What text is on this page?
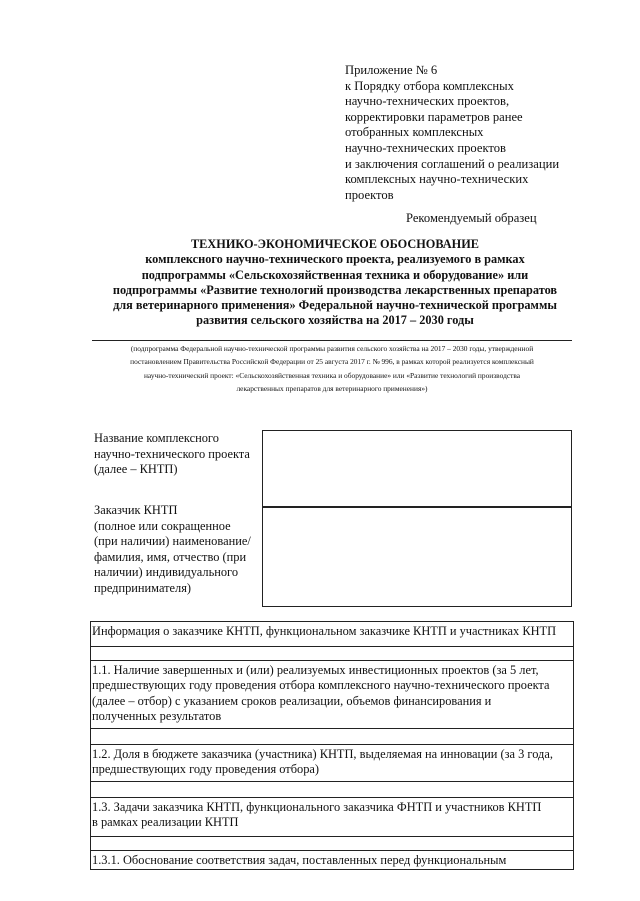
Приложение № 6
к Порядку отбора комплексных
научно-технических проектов,
корректировки параметров ранее
отобранных комплексных
научно-технических проектов
и заключения соглашений о реализации
комплексных научно-технических
проектов
Рекомендуемый образец
ТЕХНИКО-ЭКОНОМИЧЕСКОЕ ОБОСНОВАНИЕ
комплексного научно-технического проекта, реализуемого в рамках
подпрограммы «Сельскохозяйственная техника и оборудование» или
подпрограммы «Развитие технологий производства лекарственных препаратов
для ветеринарного применения» Федеральной научно-технической программы
развития сельского хозяйства на 2017 – 2030 годы
(подпрограмма Федеральной научно-технической программы развития сельского хозяйства на 2017 – 2030 годы, утвержденной
постановлением Правительства Российской Федерации от 25 августа 2017 г. № 996, в рамках которой реализуется комплексный
научно-технический проект: «Сельскохозяйственная техника и оборудование» или «Развитие технологий производства
лекарственных препаратов для ветеринарного применения»)
Название комплексного
научно-технического проекта
(далее – КНТП)
Заказчик КНТП
(полное или сокращенное
(при наличии) наименование/
фамилия, имя, отчество (при
наличии) индивидуального
предпринимателя)
Информация о заказчике КНТП, функциональном заказчике КНТП и участниках КНТП
1.1. Наличие завершенных и (или) реализуемых инвестиционных проектов (за 5 лет,
предшествующих году проведения отбора комплексного научно-технического проекта
(далее – отбор) с указанием сроков реализации, объемов финансирования и
полученных результатов
1.2. Доля в бюджете заказчика (участника) КНТП, выделяемая на инновации (за 3 года,
предшествующих году проведения отбора)
1.3. Задачи заказчика КНТП, функционального заказчика ФНТП и участников КНТП
в рамках реализации КНТП
1.3.1. Обоснование соответствия задач, поставленных перед функциональным
